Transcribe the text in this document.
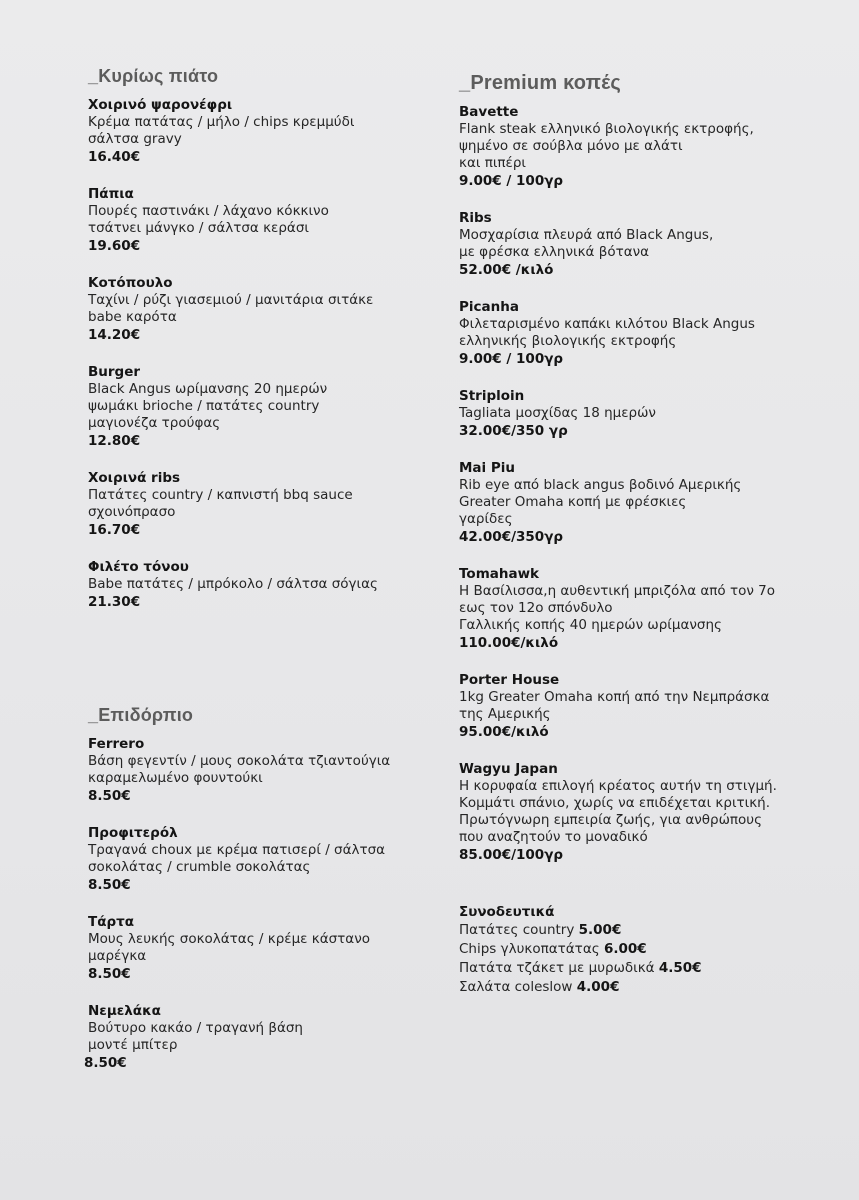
_Κυρίως πιάτο
Χοιρινό ψαρονέφρι
Κρέμα πατάτας / μήλο / chips κρεμμύδι
σάλτσα gravy
16.40€
Πάπια
Πουρές παστινάκι / λάχανο κόκκινο
τσάτνει μάνγκο / σάλτσα κεράσι
19.60€
Κοτόπουλο
Ταχίνι / ρύζι γιασεμιού / μανιτάρια σιτάκε
babe καρότα
14.20€
Burger
Black Angus ωρίμανσης 20 ημερών
ψωμάκι brioche / πατάτες country
μαγιονέζα τρούφας
12.80€
Χοιρινά ribs
Πατάτες country / καπνιστή bbq sauce
σχοινόπρασο
16.70€
Φιλέτο τόνου
Babe πατάτες / μπρόκολο / σάλτσα σόγιας
21.30€
_Επιδόρπιο
Ferrero
Βάση φεγεντίν / μους σοκολάτα τζιαντούγια
καραμελωμένο φουντούκι
8.50€
Προφιτερόλ
Τραγανά choux με κρέμα πατισερί / σάλτσα
σοκολάτας / crumble σοκολάτας
8.50€
Τάρτα
Μους λευκής σοκολάτας / κρέμε κάστανο
μαρέγκα
8.50€
Νεμελάκα
Βούτυρο κακάο / τραγανή βάση
μοντέ μπίτερ
8.50€
_Premium κοπές
Bavette
Flank steak ελληνικό βιολογικής εκτροφής,
ψημένο σε σούβλα μόνο με αλάτι
και πιπέρι
9.00€ / 100γρ
Ribs
Μοσχαρίσια πλευρά από Black Angus,
με φρέσκα ελληνικά βότανα
52.00€ /κιλό
Picanha
Φιλεταρισμένο καπάκι κιλότου Black Angus
ελληνικής βιολογικής εκτροφής
9.00€ / 100γρ
Striploin
Tagliata μοσχίδας 18 ημερών
32.00€/350 γρ
Mai Piu
Rib eye από black angus βοδινό Αμερικής
Greater Omaha κοπή με φρέσκιες
γαρίδες
42.00€/350γρ
Tomahawk
Η Βασίλισσα,η αυθεντική μπριζόλα από τον 7ο
εως τον 12ο σπόνδυλο
Γαλλικής κοπής 40 ημερών ωρίμανσης
110.00€/κιλό
Porter House
1kg Greater Omaha κοπή από την Νεμπράσκα
της Αμερικής
95.00€/κιλό
Wagyu Japan
Η κορυφαία επιλογή κρέατος αυτήν τη στιγμή.
Κομμάτι σπάνιο, χωρίς να επιδέχεται κριτική.
Πρωτόγνωρη εμπειρία ζωής, για ανθρώπους
που αναζητούν το μοναδικό
85.00€/100γρ
Συνοδευτικά
Πατάτες country 5.00€
Chips γλυκοπατάτας 6.00€
Πατάτα τζάκετ με μυρωδικά 4.50€
Σαλάτα coleslow 4.00€
